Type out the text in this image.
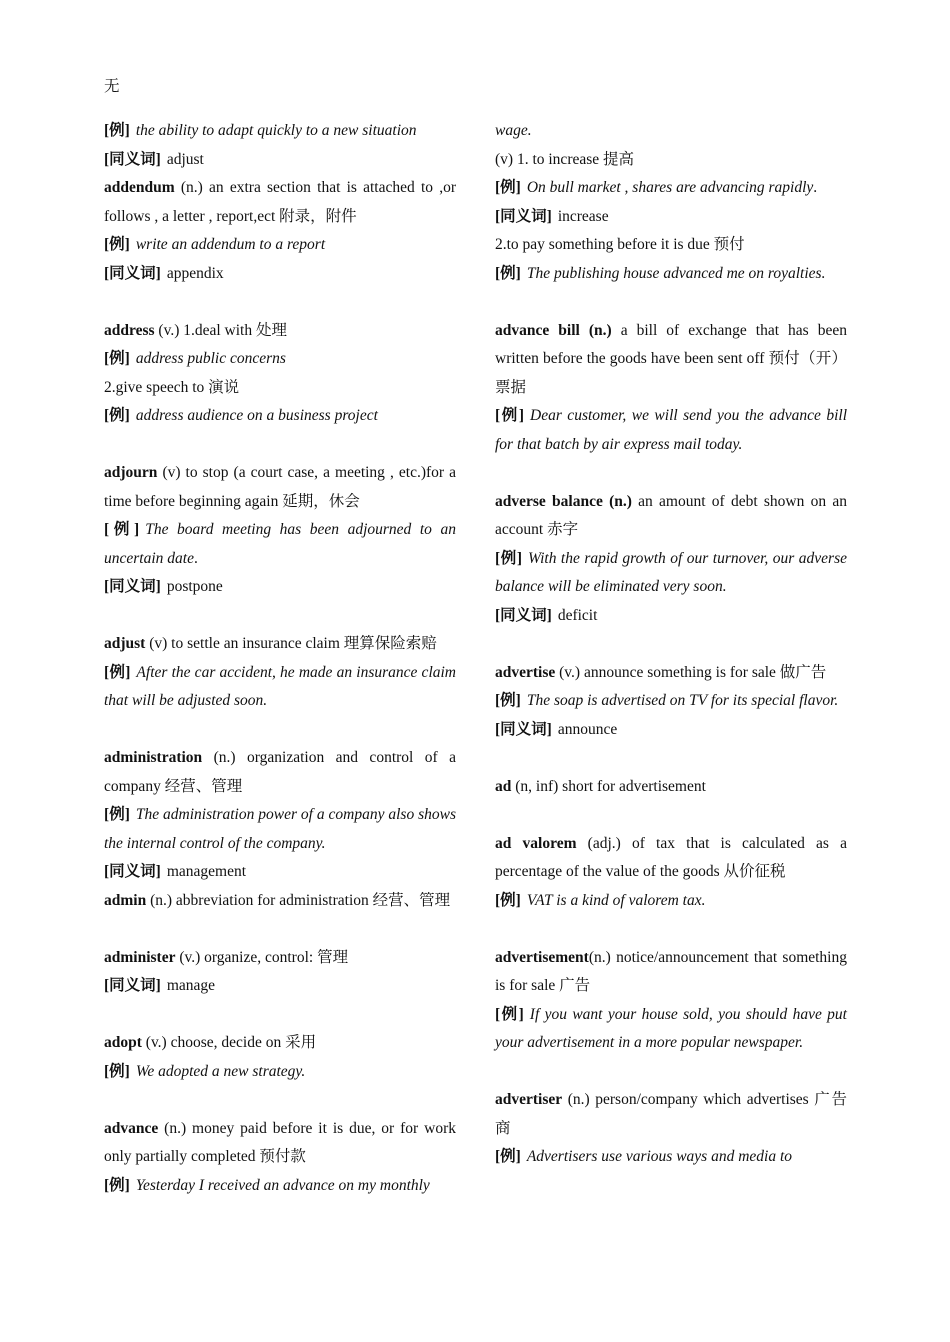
无

[例] the ability to adapt quickly to a new situation

[同义词] adjust

addendum (n.) an extra section that is attached to ,or follows , a letter , report,ect 附录，附件

[例] write an addendum to a report

[同义词] appendix

address (v.) 1.deal with 处理

[例] address public concerns

2.give speech to 演说

[例] address audience on a business project

adjourn (v) to stop (a court case, a meeting , etc.)for a time before beginning again 延期，休会

[例] The board meeting has been adjourned to an uncertain date.

[同义词] postpone

adjust (v) to settle an insurance claim 理算保险索赔

[例] After the car accident, he made an insurance claim that will be adjusted soon.

administration (n.) organization and control of a company 经营、管理

[例] The administration power of a company also shows the internal control of the company.

[同义词] management

admin (n.) abbreviation for administration 经营、管理

administer (v.) organize, control: 管理

[同义词] manage

adopt (v.) choose, decide on 采用

[例] We adopted a new strategy.

advance (n.) money paid before it is due, or for work only partially completed 预付款

[例] Yesterday I received an advance on my monthly

wage.

(v) 1. to increase 提高

[例] On bull market , shares are advancing rapidly.

[同义词] increase

2.to pay something before it is due 预付

[例] The publishing house advanced me on royalties.

advance bill (n.) a bill of exchange that has been written before the goods have been sent off 预付（开）票据

[例] Dear customer, we will send you the advance bill for that batch by air express mail today.

adverse balance (n.) an amount of debt shown on an account 赤字

[例] With the rapid growth of our turnover, our adverse balance will be eliminated very soon.

[同义词] deficit

advertise (v.) announce something is for sale 做广告

[例] The soap is advertised on TV for its special flavor.

[同义词] announce

ad (n, inf) short for advertisement

ad valorem (adj.) of tax that is calculated as a percentage of the value of the goods 从价征税

[例] VAT is a kind of valorem tax.

advertisement(n.) notice/announcement that something is for sale 广告

[例] If you want your house sold, you should have put your advertisement in a more popular newspaper.

advertiser (n.) person/company which advertises 广告商

[例] Advertisers use various ways and media to
